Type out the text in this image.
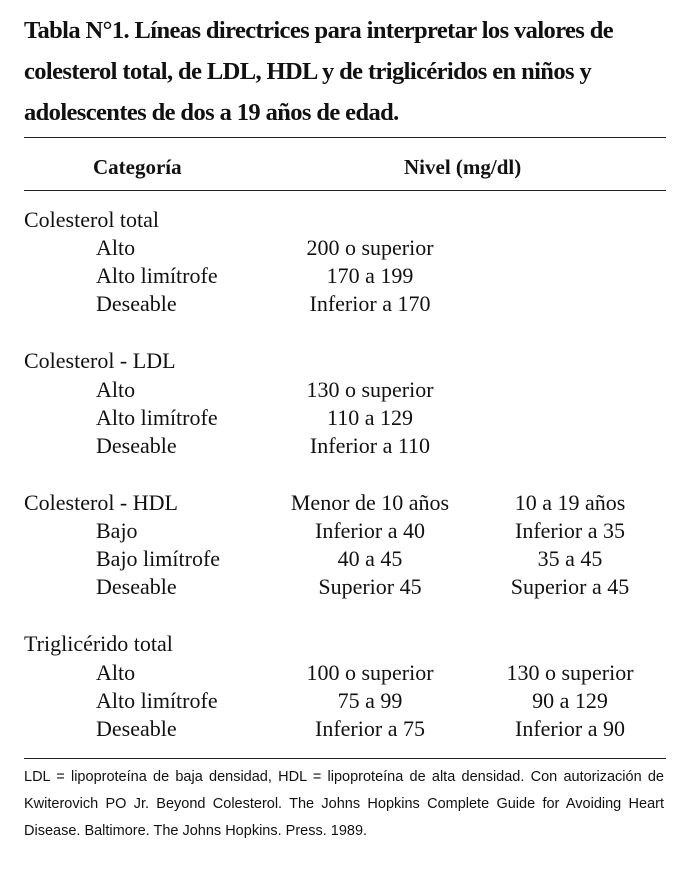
Tabla N°1. Líneas directrices para interpretar los valores de colesterol total, de LDL, HDL y de triglicéridos en niños y adolescentes de dos a 19 años de edad.

Categoría	Nivel (mg/dl)
Colesterol total
Alto	200 o superior
Alto limítrofe	170 a 199
Deseable	Inferior a 170
Colesterol - LDL
Alto	130 o superior
Alto limítrofe	110 a 129
Deseable	Inferior a 110
Colesterol - HDL	Menor de 10 años	10 a 19 años
Bajo	Inferior a 40	Inferior a 35
Bajo limítrofe	40 a 45	35 a 45
Deseable	Superior 45	Superior a 45
Triglicérido total
Alto	100 o superior	130 o superior
Alto limítrofe	75 a 99	90 a 129
Deseable	Inferior a 75	Inferior a 90

LDL = lipoproteína de baja densidad, HDL = lipoproteína de alta densidad. Con autorización de Kwiterovich PO Jr. Beyond Colesterol. The Johns Hopkins Complete Guide for Avoiding Heart Disease. Baltimore. The Johns Hopkins. Press. 1989.
